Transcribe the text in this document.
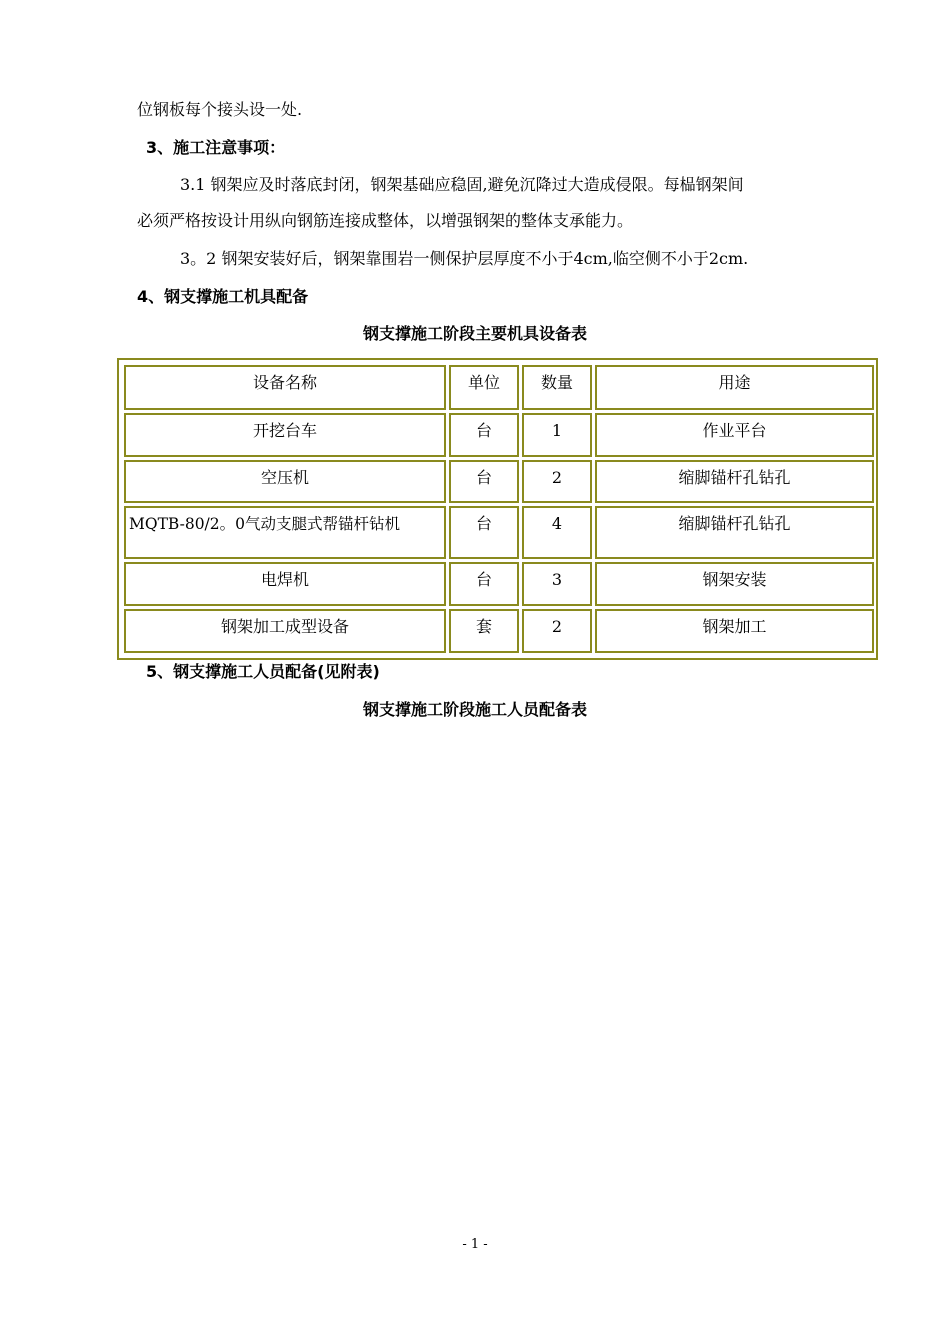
位钢板每个接头设一处.
3、施工注意事项：
3.1 钢架应及时落底封闭，钢架基础应稳固,避免沉降过大造成侵限。每榀钢架间
必须严格按设计用纵向钢筋连接成整体，以增强钢架的整体支承能力。
3。2 钢架安装好后，钢架靠围岩一侧保护层厚度不小于4cm,临空侧不小于2cm.
4、钢支撑施工机具配备
钢支撑施工阶段主要机具设备表
设备名称	单位	数量	用途
开挖台车	台	1	作业平台
空压机	台	2	缩脚锚杆孔钻孔
MQTB-80/2。0气动支腿式帮锚杆钻机	台	4	缩脚锚杆孔钻孔
电焊机	台	3	钢架安装
钢架加工成型设备	套	2	钢架加工
5、钢支撑施工人员配备(见附表)
钢支撑施工阶段施工人员配备表
- 1 -
